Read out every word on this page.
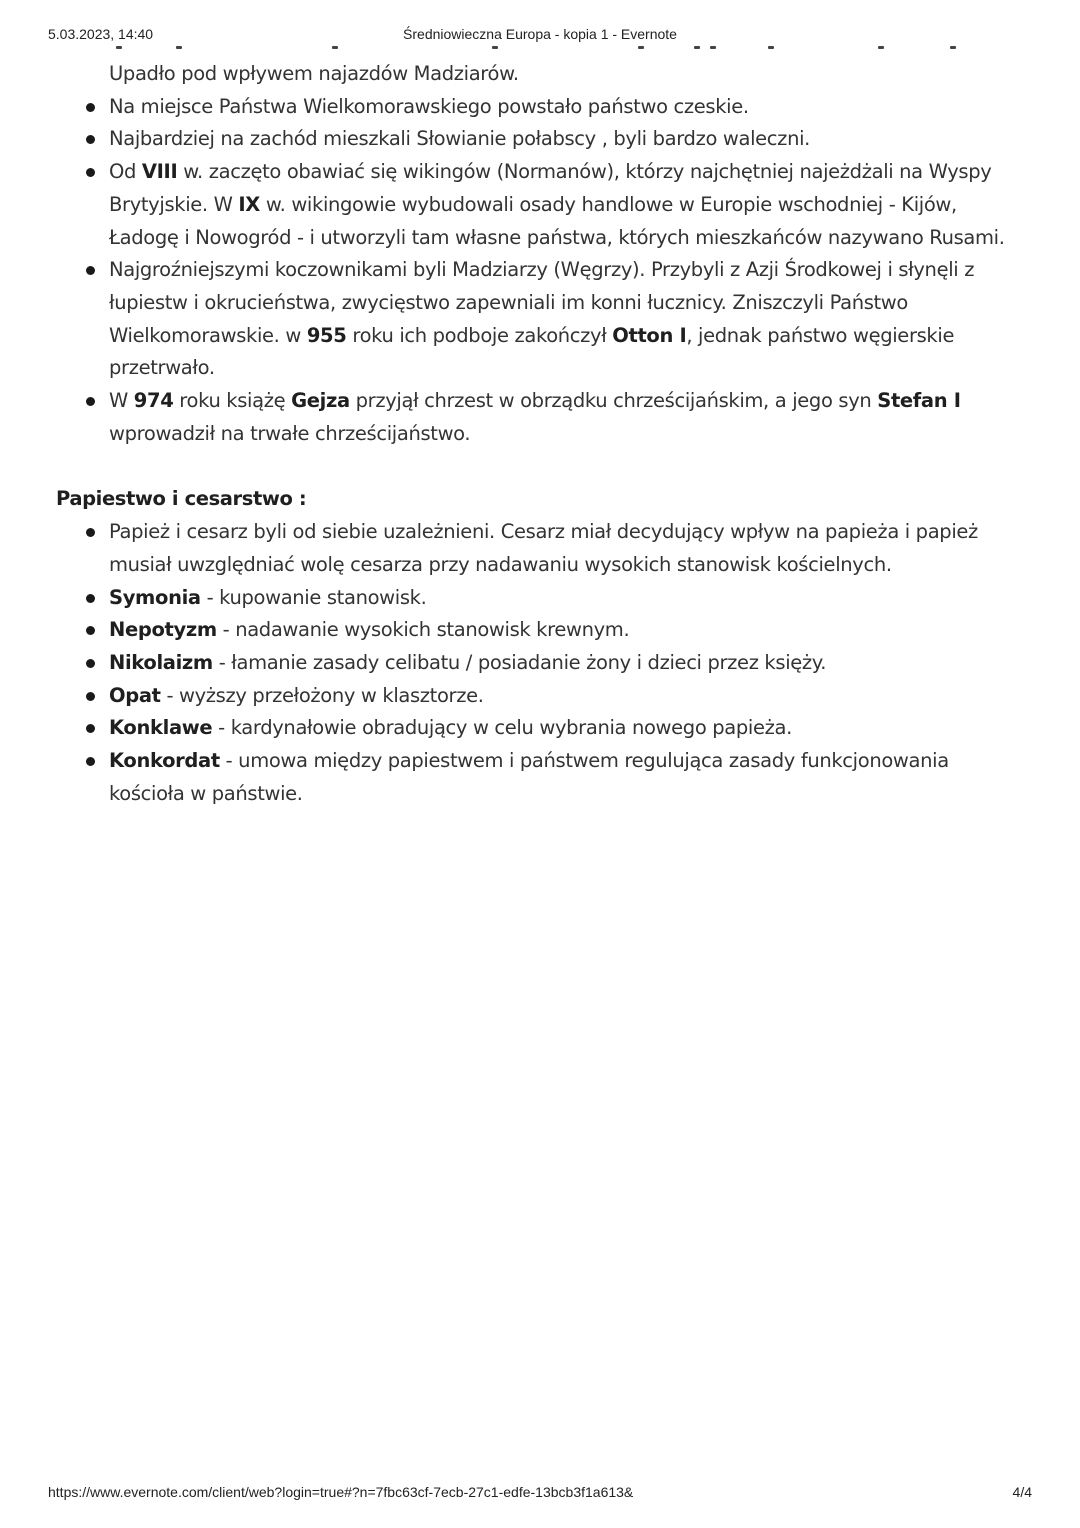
5.03.2023, 14:40	Średniowieczna Europa - kopia 1 - Evernote
Upadło pod wpływem najazdów Madziarów.
Na miejsce Państwa Wielkomorawskiego powstało państwo czeskie.
Najbardziej na zachód mieszkali Słowianie połabscy , byli bardzo waleczni.
Od VIII w. zaczęto obawiać się wikingów (Normanów), którzy najchętniej najeżdżali na Wyspy Brytyjskie. W IX w. wikingowie wybudowali osady handlowe w Europie wschodniej - Kijów, Ładogę i Nowogród - i utworzyli tam własne państwa, których mieszkańców nazywano Rusami.
Najgroźniejszymi koczownikami byli Madziarzy (Węgrzy). Przybyli z Azji Środkowej i słynęli z łupiestw i okrucieństwa, zwycięstwo zapewniali im konni łucznicy. Zniszczyli Państwo Wielkomorawskie. w 955 roku ich podboje zakończył Otton I, jednak państwo węgierskie przetrwało.
W 974 roku książę Gejza przyjął chrzest w obrządku chrześcijańskim, a jego syn Stefan I wprowadził na trwałe chrześcijaństwo.
Papiestwo i cesarstwo :
Papież i cesarz byli od siebie uzależnieni. Cesarz miał decydujący wpływ na papieża i papież musiał uwzględniać wolę cesarza przy nadawaniu wysokich stanowisk kościelnych.
Symonia - kupowanie stanowisk.
Nepotyzm - nadawanie wysokich stanowisk krewnym.
Nikolaizm - łamanie zasady celibatu / posiadanie żony i dzieci przez księży.
Opat - wyższy przełożony w klasztorze.
Konklawe - kardynałowie obradujący w celu wybrania nowego papieża.
Konkordat - umowa między papiestwem i państwem regulująca zasady funkcjonowania kościoła w państwie.
https://www.evernote.com/client/web?login=true#?n=7fbc63cf-7ecb-27c1-edfe-13bcb3f1a613&	4/4
